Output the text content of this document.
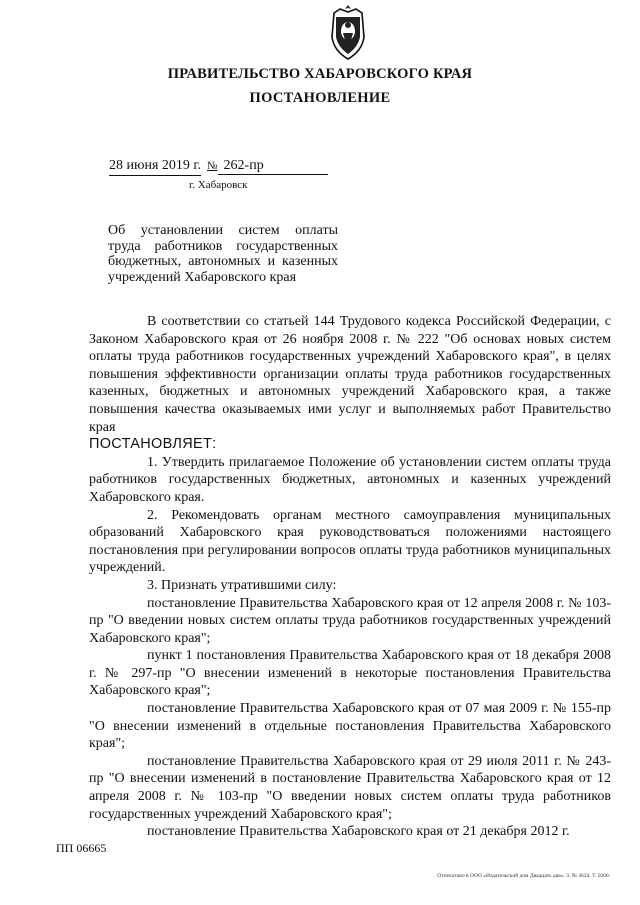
ПРАВИТЕЛЬСТВО ХАБАРОВСКОГО КРАЯ
ПОСТАНОВЛЕНИЕ
28 июня 2019 г. № 262-пр
г. Хабаровск
Об установлении систем оплаты труда работников государственных бюджетных, автономных и казенных учреждений Хабаровского края

В соответствии со статьей 144 Трудового кодекса Российской Федерации, с Законом Хабаровского края от 26 ноября 2008 г. № 222 "Об основах новых систем оплаты труда работников государственных учреждений Хабаровского края", в целях повышения эффективности организации оплаты труда работников государственных казенных, бюджетных и автономных учреждений Хабаровского края, а также повышения качества оказываемых ими услуг и выполняемых работ Правительство края

ПОСТАНОВЛЯЕТ:

1. Утвердить прилагаемое Положение об установлении систем оплаты труда работников государственных бюджетных, автономных и казенных учреждений Хабаровского края.

2. Рекомендовать органам местного самоуправления муниципальных образований Хабаровского края руководствоваться положениями настоящего постановления при регулировании вопросов оплаты труда работников муниципальных учреждений.

3. Признать утратившими силу:

постановление Правительства Хабаровского края от 12 апреля 2008 г. № 103-пр "О введении новых систем оплаты труда работников государственных учреждений Хабаровского края";

пункт 1 постановления Правительства Хабаровского края от 18 декабря 2008 г. № 297-пр "О внесении изменений в некоторые постановления Правительства Хабаровского края";

постановление Правительства Хабаровского края от 07 мая 2009 г. № 155-пр "О внесении изменений в отдельные постановления Правительства Хабаровского края";

постановление Правительства Хабаровского края от 29 июля 2011 г. № 243-пр "О внесении изменений в постановление Правительства Хабаровского края от 12 апреля 2008 г. № 103-пр "О введении новых систем оплаты труда работников государственных учреждений Хабаровского края";

постановление Правительства Хабаровского края от 21 декабря 2012 г.

ПП 06665
Отпечатано в ООО «Издательский дом Двадцать два». З. № 4624. Т. 5000.
